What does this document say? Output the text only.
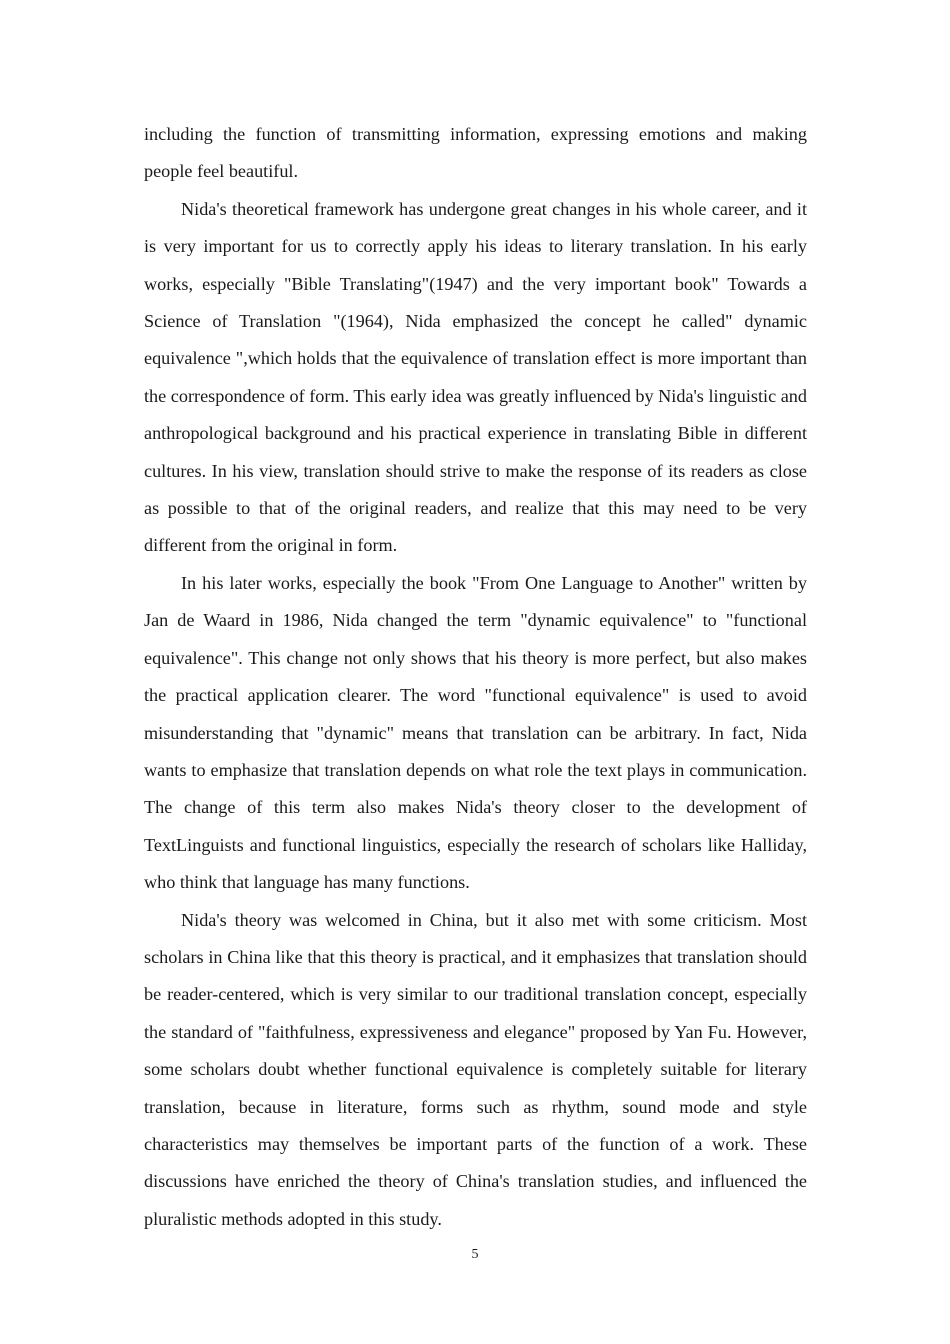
including the function of transmitting information, expressing emotions and making people feel beautiful.

Nida's theoretical framework has undergone great changes in his whole career, and it is very important for us to correctly apply his ideas to literary translation. In his early works, especially "Bible Translating"(1947) and the very important book" Towards a Science of Translation "(1964), Nida emphasized the concept he called" dynamic equivalence ",which holds that the equivalence of translation effect is more important than the correspondence of form. This early idea was greatly influenced by Nida's linguistic and anthropological background and his practical experience in translating Bible in different cultures. In his view, translation should strive to make the response of its readers as close as possible to that of the original readers, and realize that this may need to be very different from the original in form.

In his later works, especially the book "From One Language to Another" written by Jan de Waard in 1986, Nida changed the term "dynamic equivalence" to "functional equivalence". This change not only shows that his theory is more perfect, but also makes the practical application clearer. The word "functional equivalence" is used to avoid misunderstanding that "dynamic" means that translation can be arbitrary. In fact, Nida wants to emphasize that translation depends on what role the text plays in communication. The change of this term also makes Nida's theory closer to the development of TextLinguists and functional linguistics, especially the research of scholars like Halliday, who think that language has many functions.

Nida's theory was welcomed in China, but it also met with some criticism. Most scholars in China like that this theory is practical, and it emphasizes that translation should be reader-centered, which is very similar to our traditional translation concept, especially the standard of "faithfulness, expressiveness and elegance" proposed by Yan Fu. However, some scholars doubt whether functional equivalence is completely suitable for literary translation, because in literature, forms such as rhythm, sound mode and style characteristics may themselves be important parts of the function of a work. These discussions have enriched the theory of China's translation studies, and influenced the pluralistic methods adopted in this study.

5
